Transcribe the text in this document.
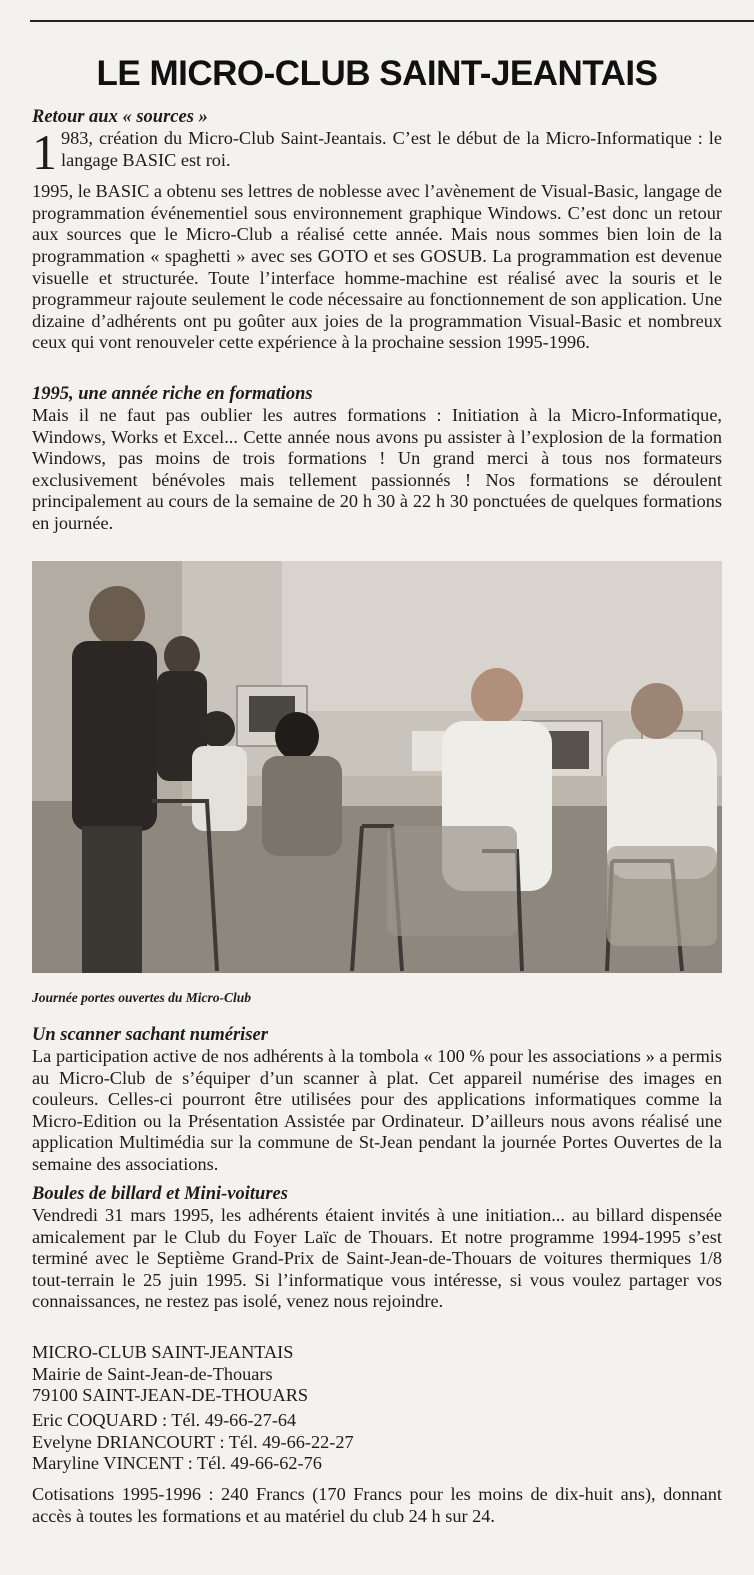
LE MICRO-CLUB SAINT-JEANTAIS
Retour aux « sources »

1 983, création du Micro-Club Saint-Jeantais. C’est le début de la Micro-Informatique : le langage BASIC est roi.

1995, le BASIC a obtenu ses lettres de noblesse avec l’avènement de Visual-Basic, langage de programmation événementiel sous environnement graphique Windows. C’est donc un retour aux sources que le Micro-Club a réalisé cette année. Mais nous sommes bien loin de la programmation « spaghetti » avec ses GOTO et ses GOSUB. La programmation est devenue visuelle et structurée. Toute l’interface homme-machine est réalisé avec la souris et le programmeur rajoute seulement le code nécessaire au fonctionnement de son application. Une dizaine d’adhérents ont pu goûter aux joies de la programmation Visual-Basic et nombreux ceux qui vont renouveler cette expérience à la prochaine session 1995-1996.

1995, une année riche en formations

Mais il ne faut pas oublier les autres formations : Initiation à la Micro-Informatique, Windows, Works et Excel... Cette année nous avons pu assister à l’explosion de la formation Windows, pas moins de trois formations ! Un grand merci à tous nos formateurs exclusivement bénévoles mais tellement passionnés ! Nos formations se déroulent principalement au cours de la semaine de 20 h 30 à 22 h 30 ponctuées de quelques formations en journée.

Journée portes ouvertes du Micro-Club

Un scanner sachant numériser

La participation active de nos adhérents à la tombola « 100 % pour les associations » a permis au Micro-Club de s’équiper d’un scanner à plat. Cet appareil numérise des images en couleurs. Celles-ci pourront être utilisées pour des applications informatiques comme la Micro-Edition ou la Présentation Assistée par Ordinateur. D’ailleurs nous avons réalisé une application Multimédia sur la commune de St-Jean pendant la journée Portes Ouvertes de la semaine des associations.

Boules de billard et Mini-voitures

Vendredi 31 mars 1995, les adhérents étaient invités à une initiation... au billard dispensée amicalement par le Club du Foyer Laïc de Thouars. Et notre programme 1994-1995 s’est terminé avec le Septième Grand-Prix de Saint-Jean-de-Thouars de voitures thermiques 1/8 tout-terrain le 25 juin 1995. Si l’informatique vous intéresse, si vous voulez partager vos connaissances, ne restez pas isolé, venez nous rejoindre.

MICRO-CLUB SAINT-JEANTAIS
Mairie de Saint-Jean-de-Thouars
79100 SAINT-JEAN-DE-THOUARS
Eric COQUARD : Tél. 49-66-27-64
Evelyne DRIANCOURT : Tél. 49-66-22-27
Maryline VINCENT : Tél. 49-66-62-76

Cotisations 1995-1996 : 240 Francs (170 Francs pour les moins de dix-huit ans), donnant accès à toutes les formations et au matériel du club 24 h sur 24.
